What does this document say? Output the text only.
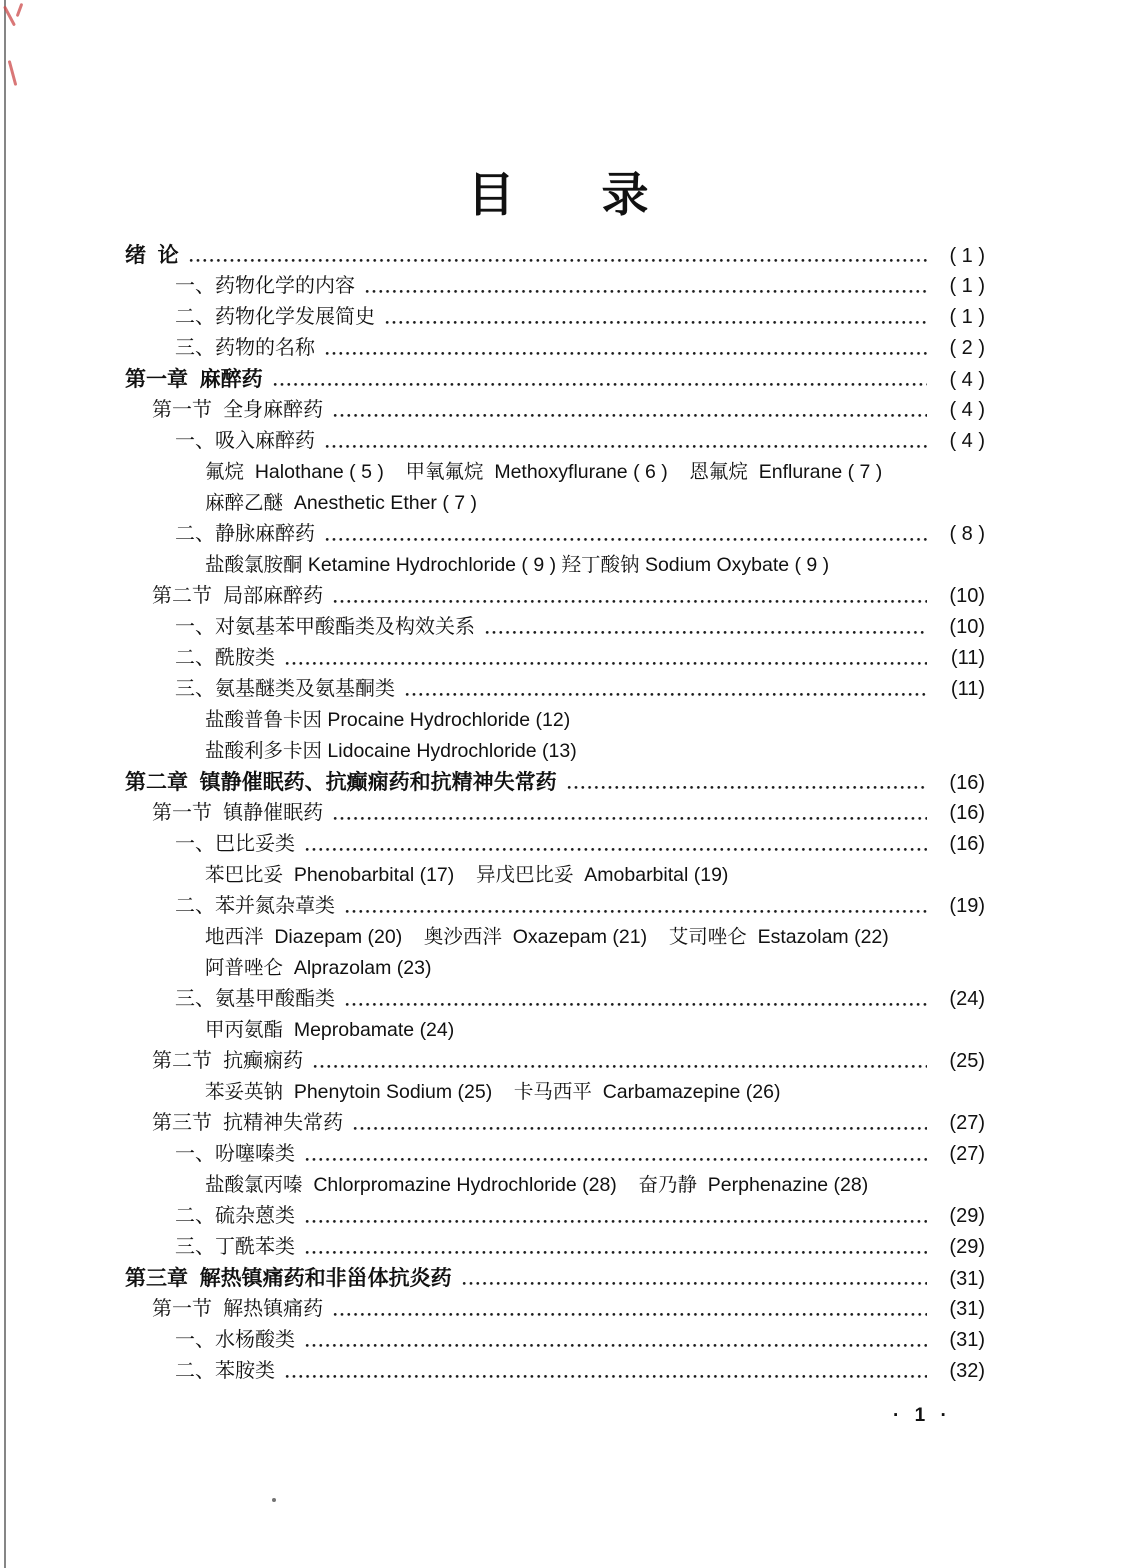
目 录
绪  论	( 1 )
一、药物化学的内容	( 1 )
二、药物化学发展简史	( 1 )
三、药物的名称	( 2 )
第一章  麻醉药	( 4 )
第一节  全身麻醉药	( 4 )
一、吸入麻醉药	( 4 )
氟烷  Halothane ( 5 )    甲氧氟烷  Methoxyflurane ( 6 )    恩氟烷  Enflurane ( 7 )
麻醉乙醚  Anesthetic Ether ( 7 )
二、静脉麻醉药	( 8 )
盐酸氯胺酮 Ketamine Hydrochloride ( 9 ) 羟丁酸钠 Sodium Oxybate ( 9 )
第二节  局部麻醉药	(10)
一、对氨基苯甲酸酯类及构效关系	(10)
二、酰胺类	(11)
三、氨基醚类及氨基酮类	(11)
盐酸普鲁卡因 Procaine Hydrochloride (12)
盐酸利多卡因 Lidocaine Hydrochloride (13)
第二章  镇静催眠药、抗癫痫药和抗精神失常药	(16)
第一节  镇静催眠药	(16)
一、巴比妥类	(16)
苯巴比妥  Phenobarbital (17)    异戊巴比妥  Amobarbital (19)
二、苯并氮杂䓬类	(19)
地西泮  Diazepam (20)    奥沙西泮  Oxazepam (21)    艾司唑仑  Estazolam (22)
阿普唑仑  Alprazolam (23)
三、氨基甲酸酯类	(24)
甲丙氨酯  Meprobamate (24)
第二节  抗癫痫药	(25)
苯妥英钠  Phenytoin Sodium (25)    卡马西平  Carbamazepine (26)
第三节  抗精神失常药	(27)
一、吩噻嗪类	(27)
盐酸氯丙嗪  Chlorpromazine Hydrochloride (28)    奋乃静  Perphenazine (28)
二、硫杂蒽类	(29)
三、丁酰苯类	(29)
第三章  解热镇痛药和非甾体抗炎药	(31)
第一节  解热镇痛药	(31)
一、水杨酸类	(31)
二、苯胺类	(32)
· 1 ·
